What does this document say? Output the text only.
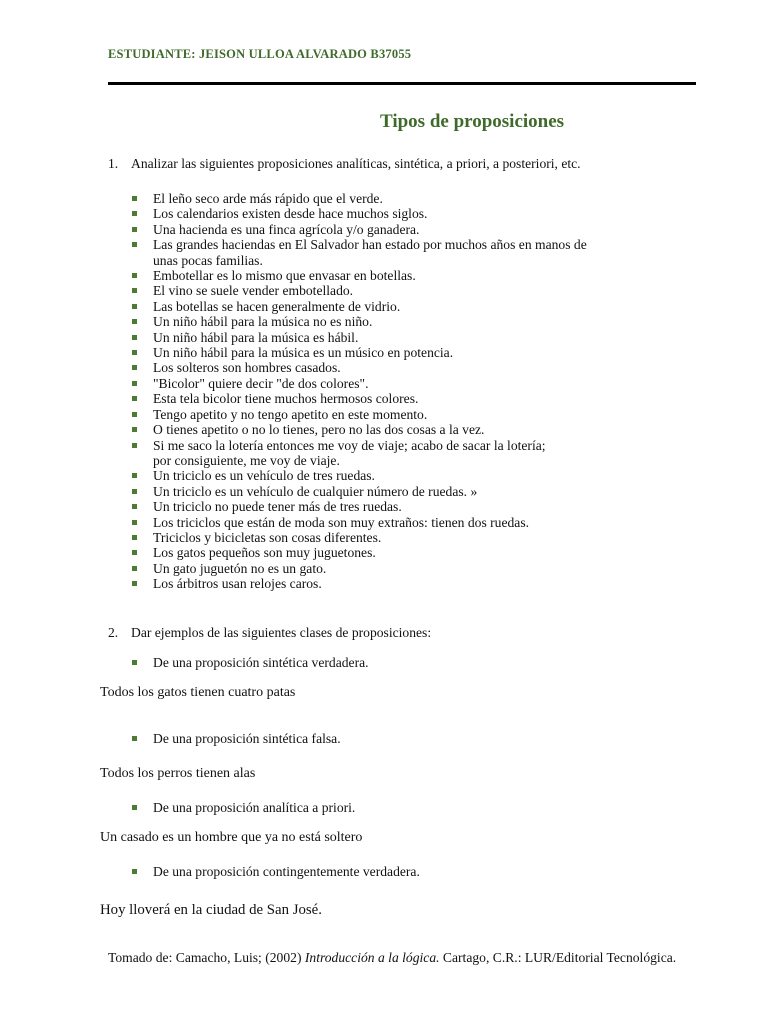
ESTUDIANTE: JEISON ULLOA ALVARADO B37055
Tipos de proposiciones
1. Analizar las siguientes proposiciones analíticas, sintética, a priori, a posteriori, etc.
El leño seco arde más rápido que el verde.
Los calendarios existen desde hace muchos siglos.
Una hacienda es una finca agrícola y/o ganadera.
Las grandes haciendas en El Salvador han estado por muchos años en manos de
unas pocas familias.
Embotellar es lo mismo que envasar en botellas.
El vino se suele vender embotellado.
Las botellas se hacen generalmente de vidrio.
Un niño hábil para la música no es niño.
Un niño hábil para la música es hábil.
Un niño hábil para la música es un músico en potencia.
Los solteros son hombres casados.
"Bicolor" quiere decir "de dos colores".
Esta tela bicolor tiene muchos hermosos colores.
Tengo apetito y no tengo apetito en este momento.
O tienes apetito o no lo tienes, pero no las dos cosas a la vez.
Si me saco la lotería entonces me voy de viaje; acabo de sacar la lotería;
por consiguiente, me voy de viaje.
Un triciclo es un vehículo de tres ruedas.
Un triciclo es un vehículo de cualquier número de ruedas. »
Un triciclo no puede tener más de tres ruedas.
Los triciclos que están de moda son muy extraños: tienen dos ruedas.
Triciclos y bicicletas son cosas diferentes.
Los gatos pequeños son muy juguetones.
Un gato juguetón no es un gato.
Los árbitros usan relojes caros.
2. Dar ejemplos de las siguientes clases de proposiciones:
De una proposición sintética verdadera.
Todos los gatos tienen cuatro patas
De una proposición sintética falsa.
Todos los perros tienen alas
De una proposición analítica a priori.
Un casado es un hombre que ya no está soltero
De una proposición contingentemente verdadera.
Hoy lloverá en la ciudad de San José.
Tomado de: Camacho, Luis; (2002) Introducción a la lógica. Cartago, C.R.: LUR/Editorial Tecnológica.
